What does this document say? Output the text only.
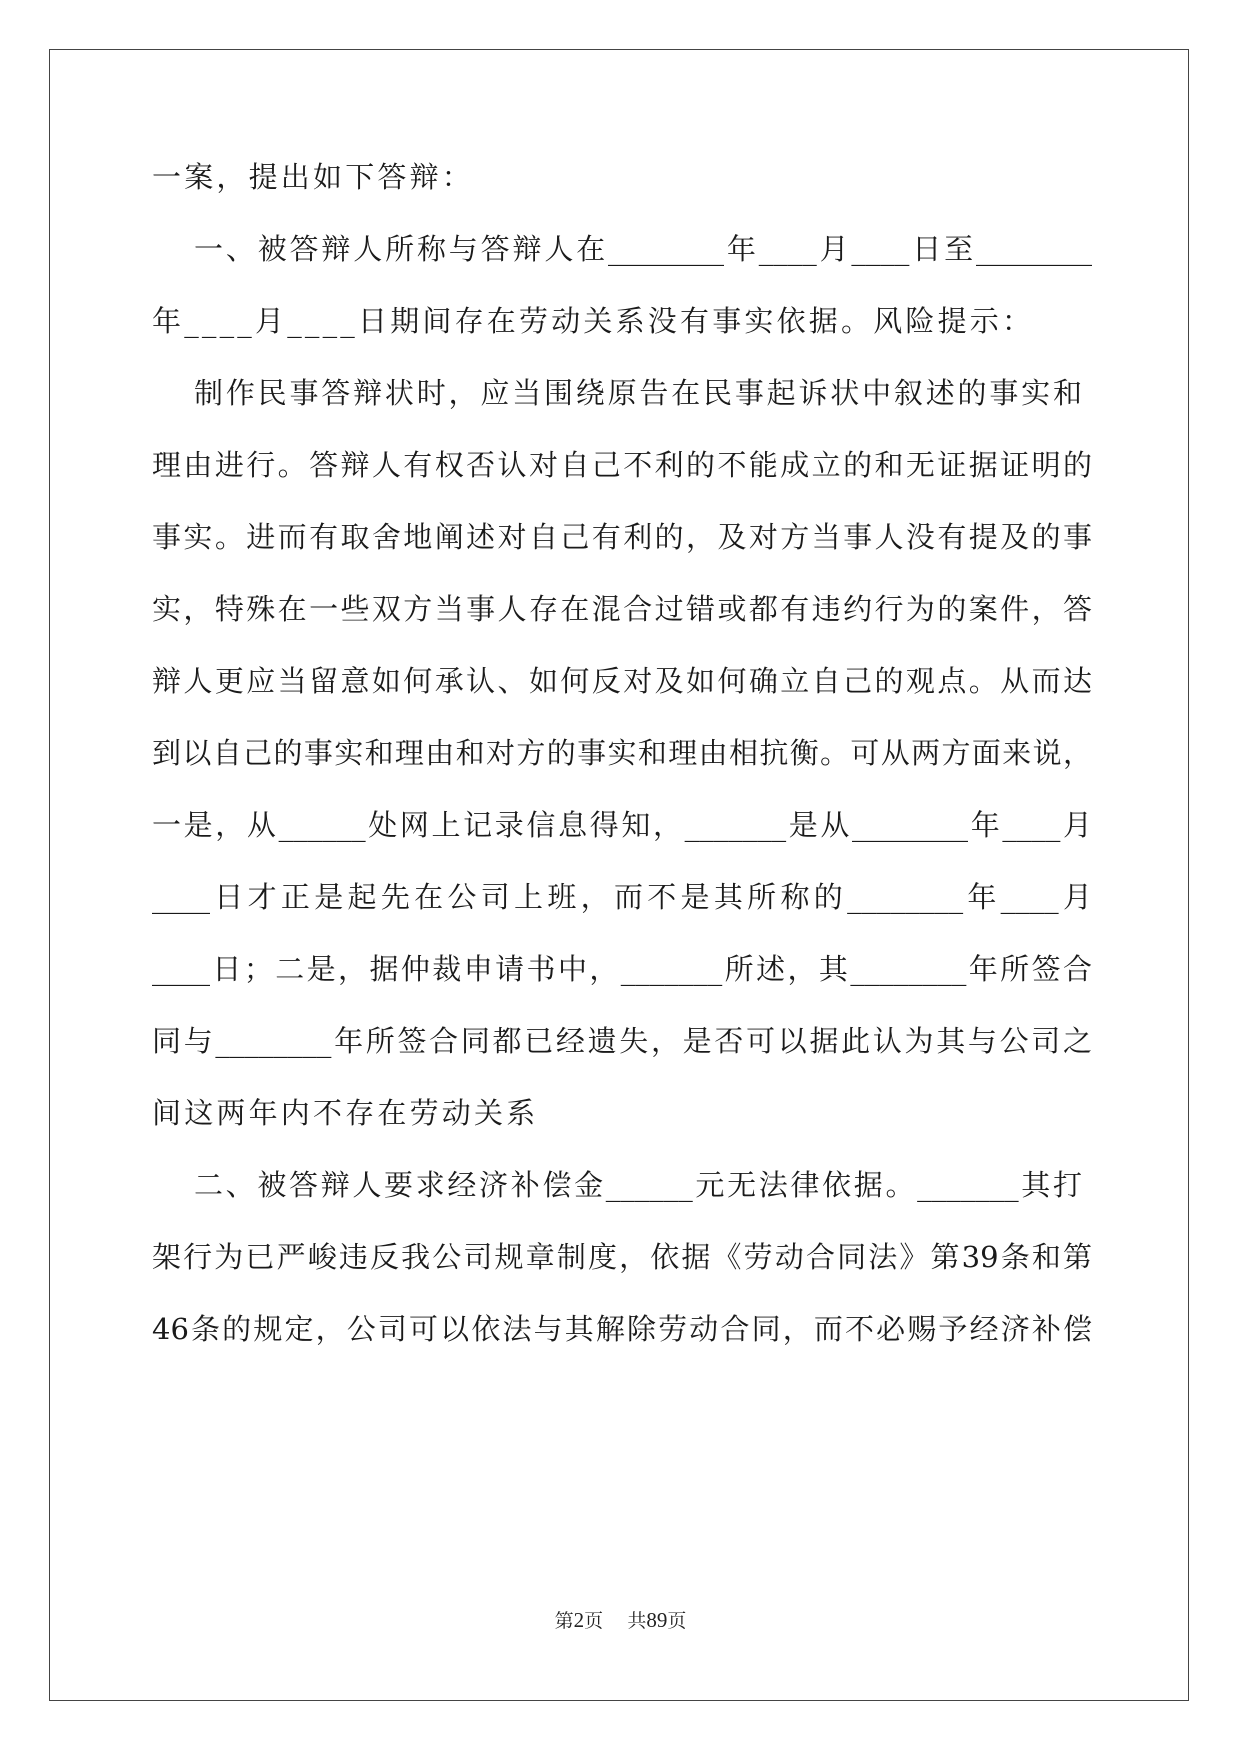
一案，提出如下答辩：
一、被答辩人所称与答辩人在________年____月____日至________
年____月____日期间存在劳动关系没有事实依据。风险提示：
制作民事答辩状时，应当围绕原告在民事起诉状中叙述的事实和
理由进行。答辩人有权否认对自己不利的不能成立的和无证据证明的
事实。进而有取舍地阐述对自己有利的，及对方当事人没有提及的事
实，特殊在一些双方当事人存在混合过错或都有违约行为的案件，答
辩人更应当留意如何承认、如何反对及如何确立自己的观点。从而达
到以自己的事实和理由和对方的事实和理由相抗衡。可从两方面来说，
一是，从______处网上记录信息得知，_______是从________年____月
____日才正是起先在公司上班，而不是其所称的________年____月
____日；二是，据仲裁申请书中，_______所述，其________年所签合
同与________年所签合同都已经遗失，是否可以据此认为其与公司之
间这两年内不存在劳动关系
二、被答辩人要求经济补偿金______元无法律依据。_______其打
架行为已严峻违反我公司规章制度，依据《劳动合同法》第39条和第
46条的规定，公司可以依法与其解除劳动合同，而不必赐予经济补偿
第2页    共89页
